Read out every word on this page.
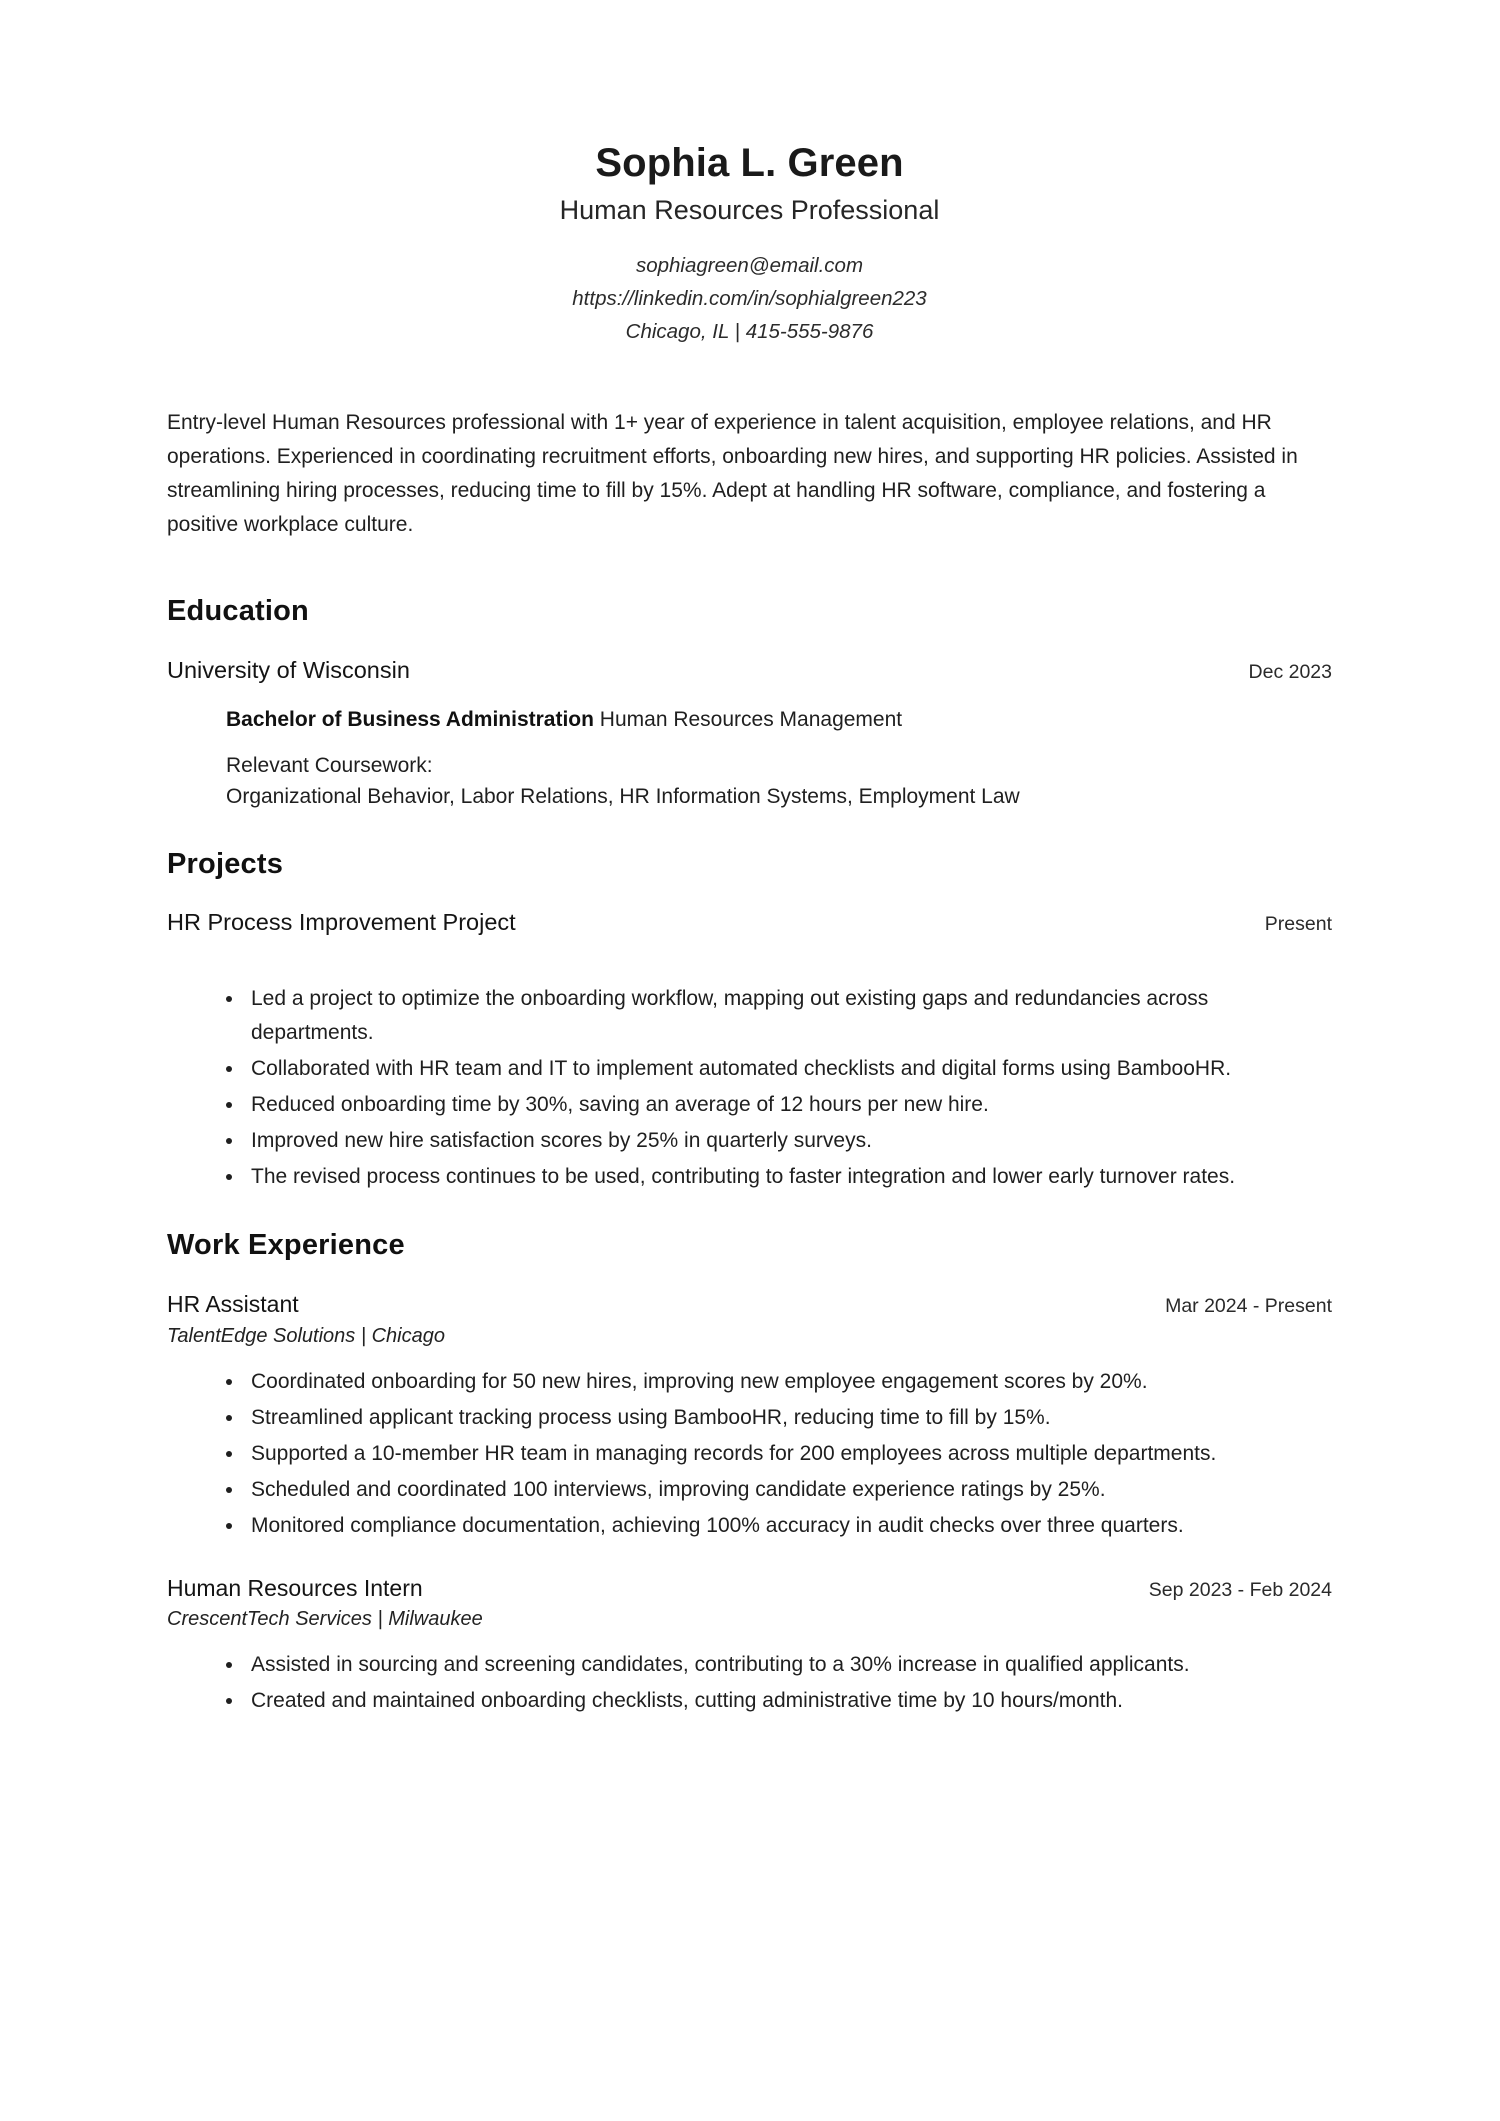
Sophia L. Green
Human Resources Professional
sophiagreen@email.com
https://linkedin.com/in/sophialgreen223
Chicago, IL | 415-555-9876
Entry-level Human Resources professional with 1+ year of experience in talent acquisition, employee relations, and HR operations. Experienced in coordinating recruitment efforts, onboarding new hires, and supporting HR policies. Assisted in streamlining hiring processes, reducing time to fill by 15%. Adept at handling HR software, compliance, and fostering a positive workplace culture.
Education
University of Wisconsin	Dec 2023
Bachelor of Business Administration Human Resources Management
Relevant Coursework:
Organizational Behavior, Labor Relations, HR Information Systems, Employment Law
Projects
HR Process Improvement Project	Present
Led a project to optimize the onboarding workflow, mapping out existing gaps and redundancies across departments.
Collaborated with HR team and IT to implement automated checklists and digital forms using BambooHR.
Reduced onboarding time by 30%, saving an average of 12 hours per new hire.
Improved new hire satisfaction scores by 25% in quarterly surveys.
The revised process continues to be used, contributing to faster integration and lower early turnover rates.
Work Experience
HR Assistant	Mar 2024 - Present
TalentEdge Solutions | Chicago
Coordinated onboarding for 50 new hires, improving new employee engagement scores by 20%.
Streamlined applicant tracking process using BambooHR, reducing time to fill by 15%.
Supported a 10-member HR team in managing records for 200 employees across multiple departments.
Scheduled and coordinated 100 interviews, improving candidate experience ratings by 25%.
Monitored compliance documentation, achieving 100% accuracy in audit checks over three quarters.
Human Resources Intern	Sep 2023 - Feb 2024
CrescentTech Services | Milwaukee
Assisted in sourcing and screening candidates, contributing to a 30% increase in qualified applicants.
Created and maintained onboarding checklists, cutting administrative time by 10 hours/month.
